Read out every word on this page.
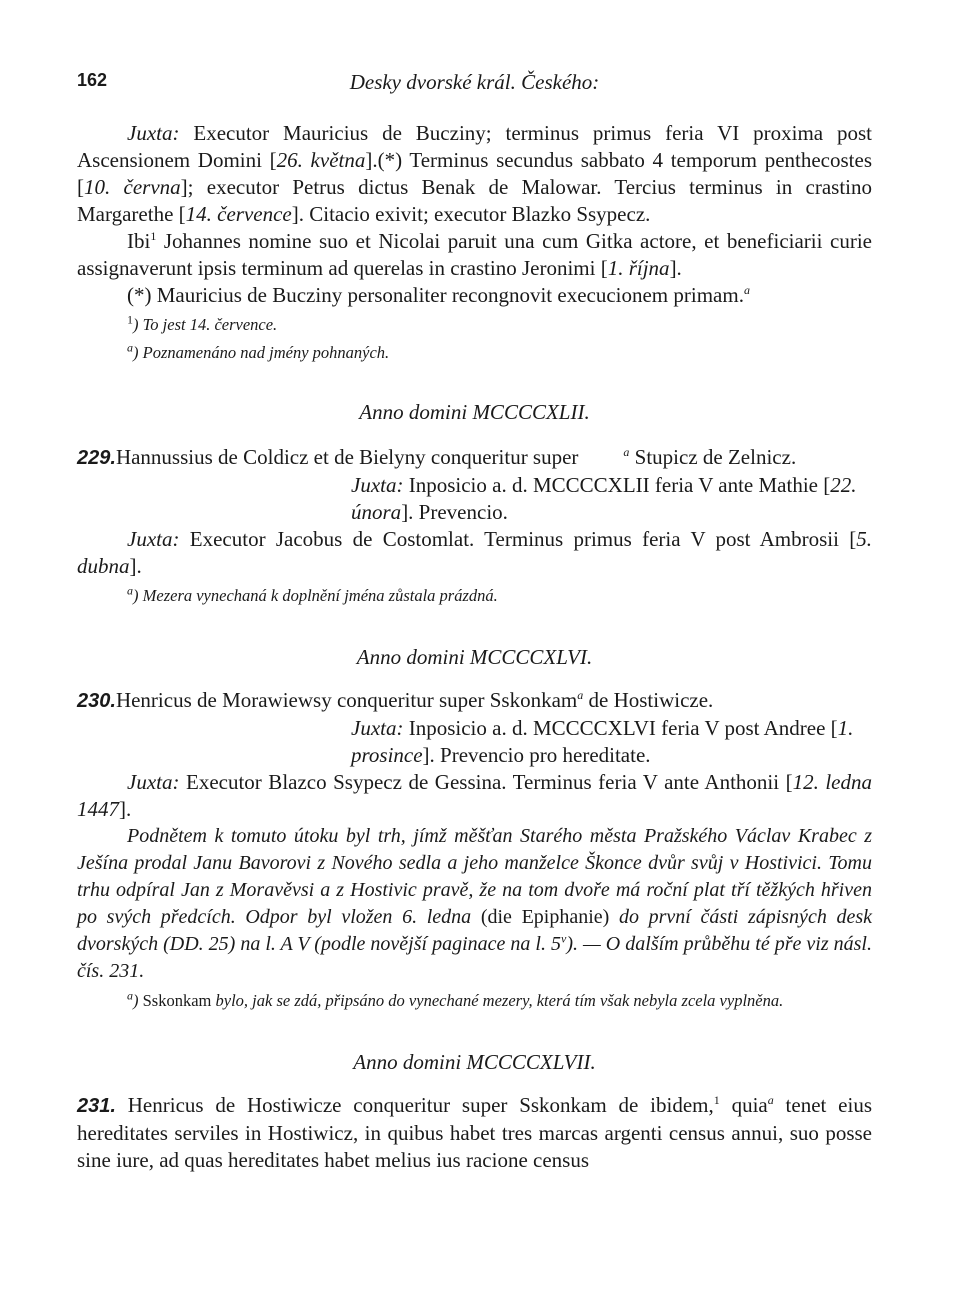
162	Desky dvorské král. Českého:

Juxta: Executor Mauricius de Bucziny; terminus primus feria VI proxima post Ascensionem Domini [26. května].(*) Terminus secundus sabbato 4 temporum penthecostes [10. června]; executor Petrus dictus Benak de Malowar. Tercius terminus in crastino Margarethe [14. července]. Citacio exivit; executor Blazko Ssypecz.

Ibi$^1$ Johannes nomine suo et Nicolai paruit una cum Gitka actore, et beneficiarii curie assignaverunt ipsis terminum ad querelas in crastino Jeronimi [1. října].

(*) Mauricius de Bucziny personaliter recongnovit execucionem primam.$^a$

$^1$) To jest 14. července.

$^a$) Poznamenáno nad jmény pohnaných.

Anno domini MCCCCXLII.

229.Hannussius de Coldicz et de Bielyny conqueritur super	$^a$ Stupicz de Zelnicz.

Juxta: Inposicio a. d. MCCCCXLII feria V ante Mathie [22. února]. Prevencio.

Juxta: Executor Jacobus de Costomlat. Terminus primus feria V post Ambrosii [5. dubna].

$^a$) Mezera vynechaná k doplnění jména zůstala prázdná.

Anno domini MCCCCXLVI.

230.Henricus de Morawiewsy conqueritur super Sskonkam$^a$ de Hostiwicze.

Juxta: Inposicio a. d. MCCCCXLVI feria V post Andree [1. prosince]. Prevencio pro hereditate.

Juxta: Executor Blazco Ssypecz de Gessina. Terminus feria V ante Anthonii [12. ledna 1447].

Podnětem k tomuto útoku byl trh, jímž měšťan Starého města Pražského Václav Krabec z Ješína prodal Janu Bavorovi z Nového sedla a jeho manželce Škonce dvůr svůj v Hostivici. Tomu trhu odpíral Jan z Moravěvsi a z Hostivic pravě, že na tom dvoře má roční plat tří těžkých hřiven po svých předcích. Odpor byl vložen 6. ledna (die Epiphanie) do první části zápisných desk dvorských (DD. 25) na l. A V (podle novější paginace na l. 5$^v$). — O dalším průběhu té pře viz násl. čís. 231.

$^a$) Sskonkam bylo, jak se zdá, připsáno do vynechané mezery, která tím však nebyla zcela vyplněna.

Anno domini MCCCCXLVII.

231. Henricus de Hostiwicze conqueritur super Sskonkam de ibidem,$^1$ quia$^a$ tenet eius hereditates serviles in Hostiwicz, in quibus habet tres marcas argenti census annui, suo posse sine iure, ad quas hereditates habet melius ius racione census
